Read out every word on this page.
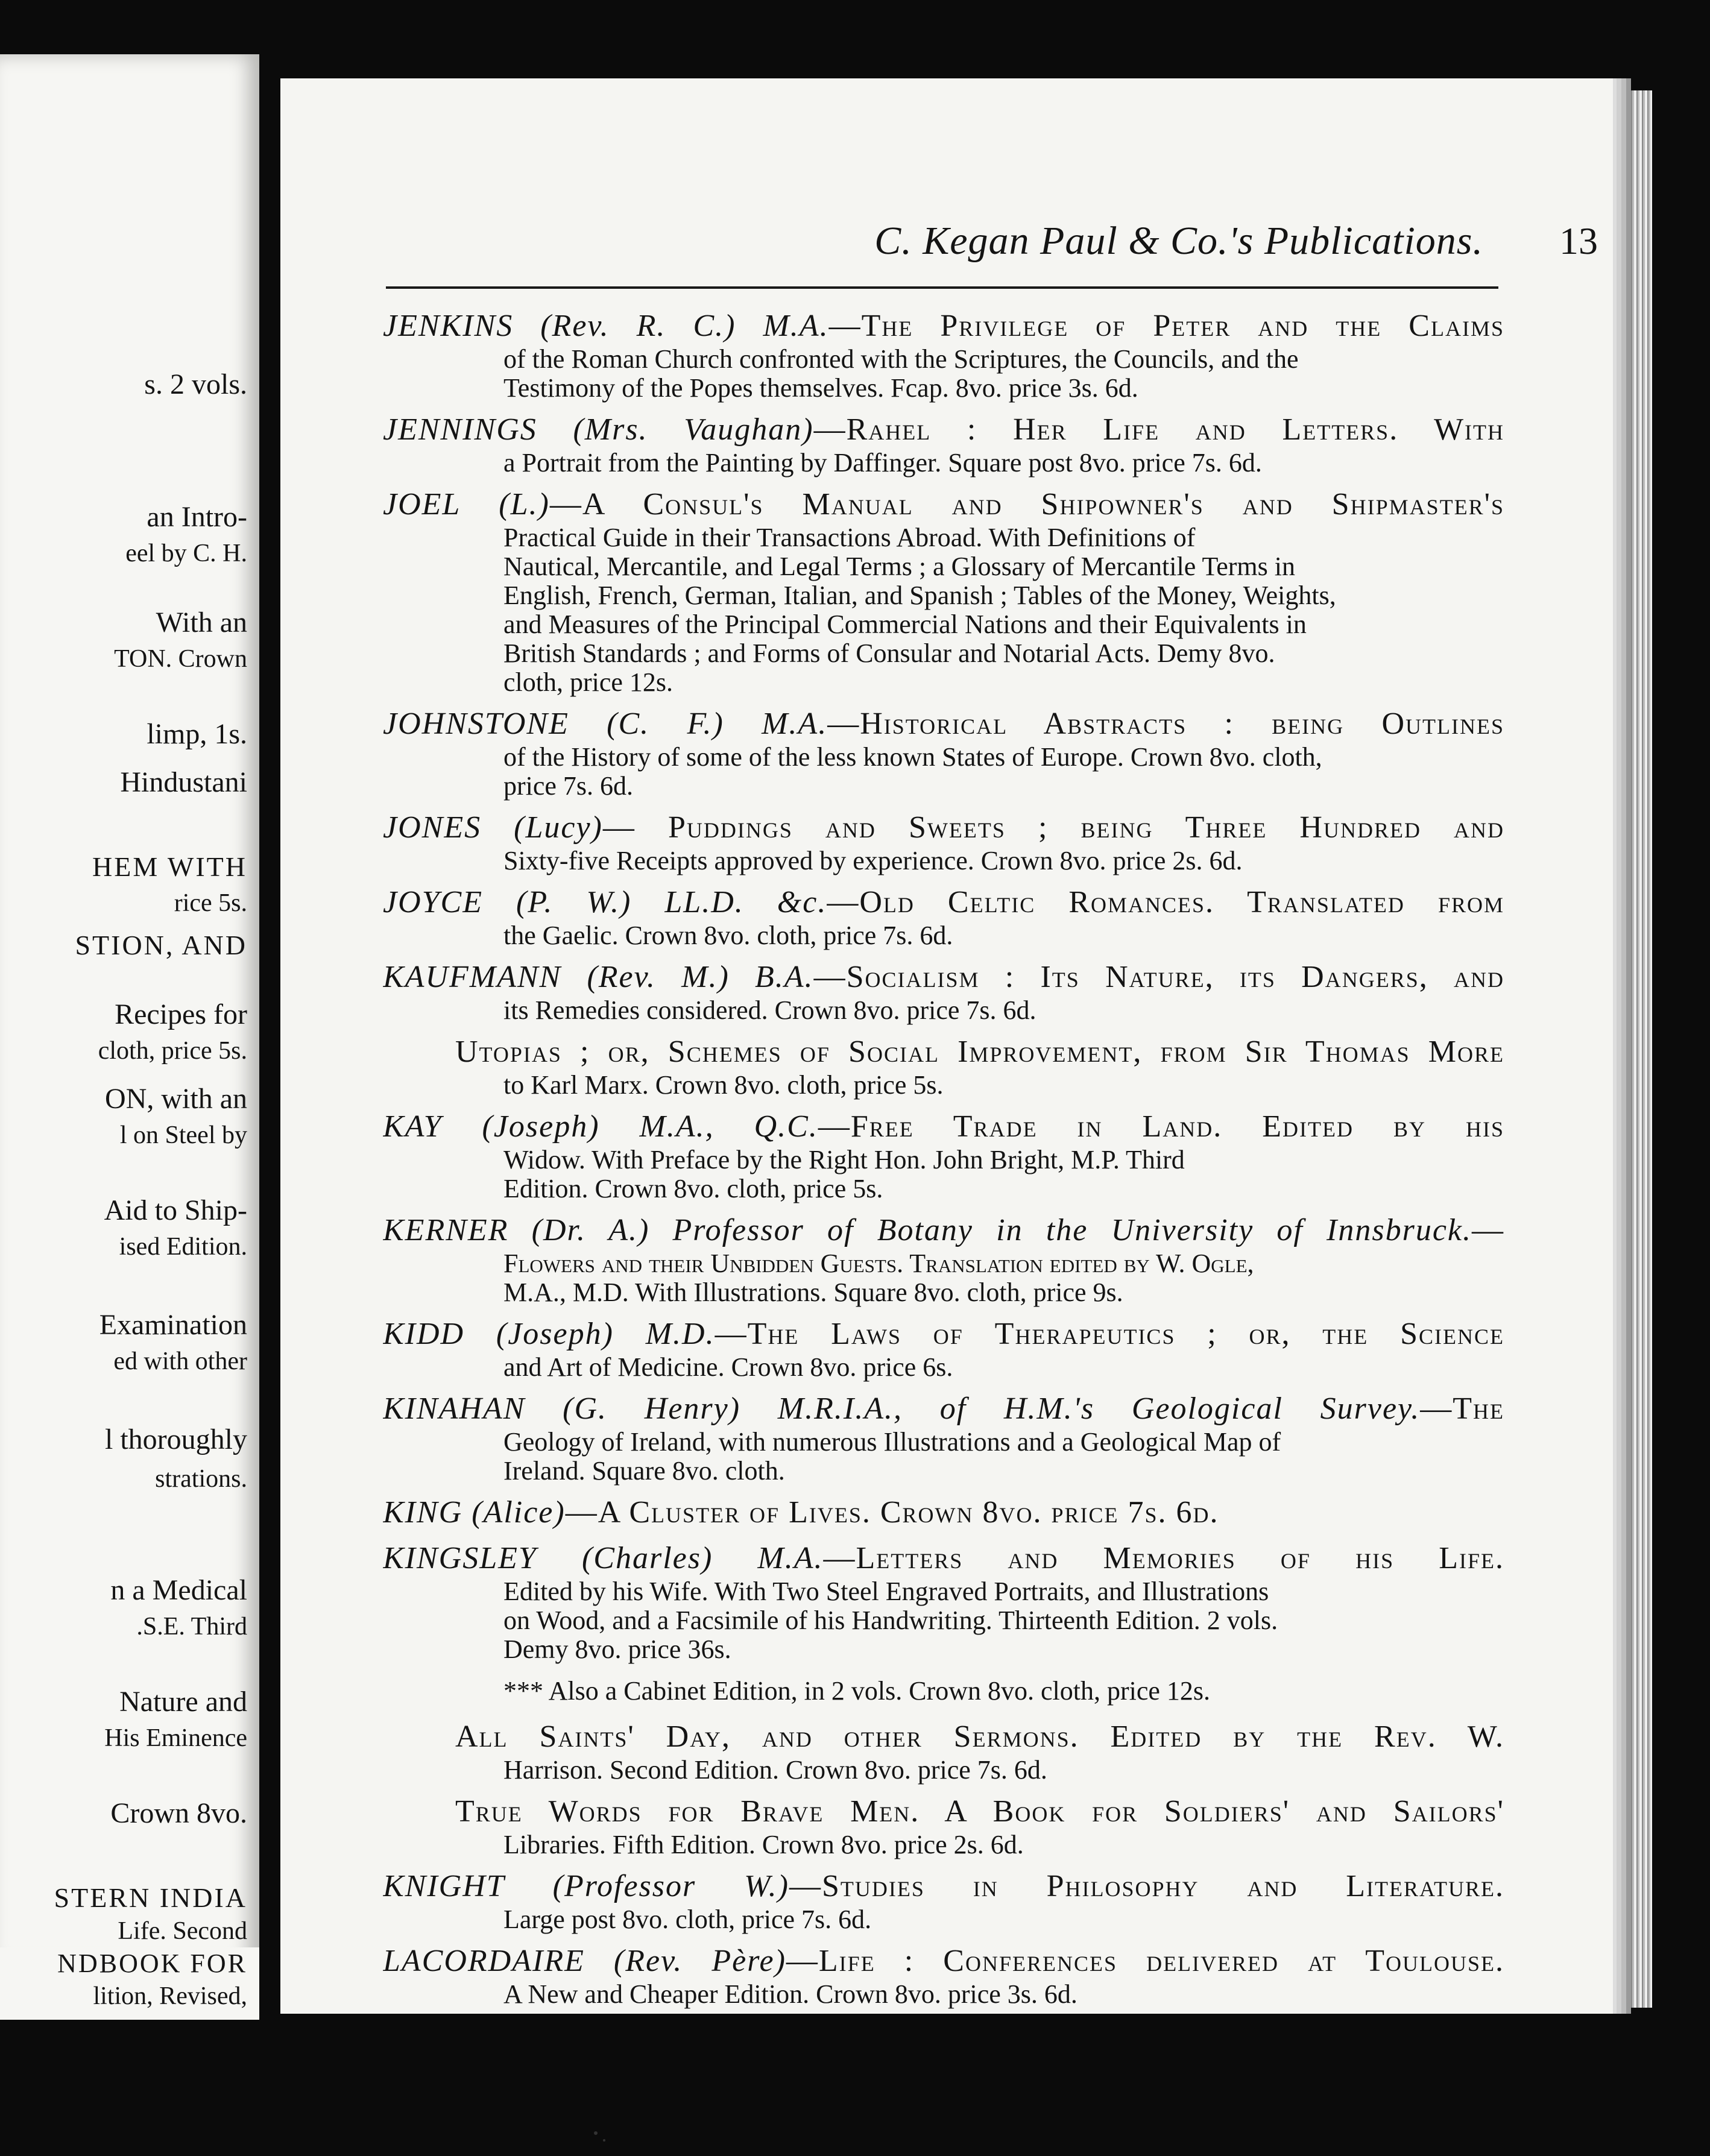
s. 2 vols.
an Intro-
eel by C. H.
With an
TON. Crown
limp, 1s.
Hindustani
HEM WITH
rice 5s.
STION, AND
Recipes for
cloth, price 5s.
ON, with an
l on Steel by
Aid to Ship-
ised Edition.
Examination
ed with other
l thoroughly
strations.
n a Medical
.S.E. Third
Nature and
His Eminence
Crown 8vo.
STERN INDIA
Life. Second
NDBOOK FOR
lition, Revised,
C. Kegan Paul & Co.'s Publications.	13
JENKINS (Rev. R. C.) M.A.—The Privilege of Peter and the Claims
of the Roman Church confronted with the Scriptures, the Councils, and the
Testimony of the Popes themselves. Fcap. 8vo. price 3s. 6d.
JENNINGS (Mrs. Vaughan)—Rahel : Her Life and Letters. With
a Portrait from the Painting by Daffinger. Square post 8vo. price 7s. 6d.
JOEL (L.)—A Consul's Manual and Shipowner's and Shipmaster's
Practical Guide in their Transactions Abroad. With Definitions of
Nautical, Mercantile, and Legal Terms ; a Glossary of Mercantile Terms in
English, French, German, Italian, and Spanish ; Tables of the Money, Weights,
and Measures of the Principal Commercial Nations and their Equivalents in
British Standards ; and Forms of Consular and Notarial Acts. Demy 8vo.
cloth, price 12s.
JOHNSTONE (C. F.) M.A.—Historical Abstracts : being Outlines
of the History of some of the less known States of Europe. Crown 8vo. cloth,
price 7s. 6d.
JONES (Lucy)— Puddings and Sweets ; being Three Hundred and
Sixty-five Receipts approved by experience. Crown 8vo. price 2s. 6d.
JOYCE (P. W.) LL.D. &c.—Old Celtic Romances. Translated from
the Gaelic. Crown 8vo. cloth, price 7s. 6d.
KAUFMANN (Rev. M.) B.A.—Socialism : Its Nature, its Dangers, and
its Remedies considered. Crown 8vo. price 7s. 6d.
Utopias ; or, Schemes of Social Improvement, from Sir Thomas More
to Karl Marx. Crown 8vo. cloth, price 5s.
KAY (Joseph) M.A., Q.C.—Free Trade in Land. Edited by his
Widow. With Preface by the Right Hon. John Bright, M.P. Third
Edition. Crown 8vo. cloth, price 5s.
KERNER (Dr. A.) Professor of Botany in the University of Innsbruck.—
Flowers and their Unbidden Guests. Translation edited by W. Ogle,
M.A., M.D. With Illustrations. Square 8vo. cloth, price 9s.
KIDD (Joseph) M.D.—The Laws of Therapeutics ; or, the Science
and Art of Medicine. Crown 8vo. price 6s.
KINAHAN (G. Henry) M.R.I.A., of H.M.'s Geological Survey.—The
Geology of Ireland, with numerous Illustrations and a Geological Map of
Ireland. Square 8vo. cloth.
KING (Alice)—A Cluster of Lives. Crown 8vo. price 7s. 6d.
KINGSLEY (Charles) M.A.—Letters and Memories of his Life.
Edited by his Wife. With Two Steel Engraved Portraits, and Illustrations
on Wood, and a Facsimile of his Handwriting. Thirteenth Edition. 2 vols.
Demy 8vo. price 36s.
*** Also a Cabinet Edition, in 2 vols. Crown 8vo. cloth, price 12s.
All Saints' Day, and other Sermons. Edited by the Rev. W.
Harrison. Second Edition. Crown 8vo. price 7s. 6d.
True Words for Brave Men. A Book for Soldiers' and Sailors'
Libraries. Fifth Edition. Crown 8vo. price 2s. 6d.
KNIGHT (Professor W.)—Studies in Philosophy and Literature.
Large post 8vo. cloth, price 7s. 6d.
LACORDAIRE (Rev. Père)—Life : Conferences delivered at Toulouse.
A New and Cheaper Edition. Crown 8vo. price 3s. 6d.
